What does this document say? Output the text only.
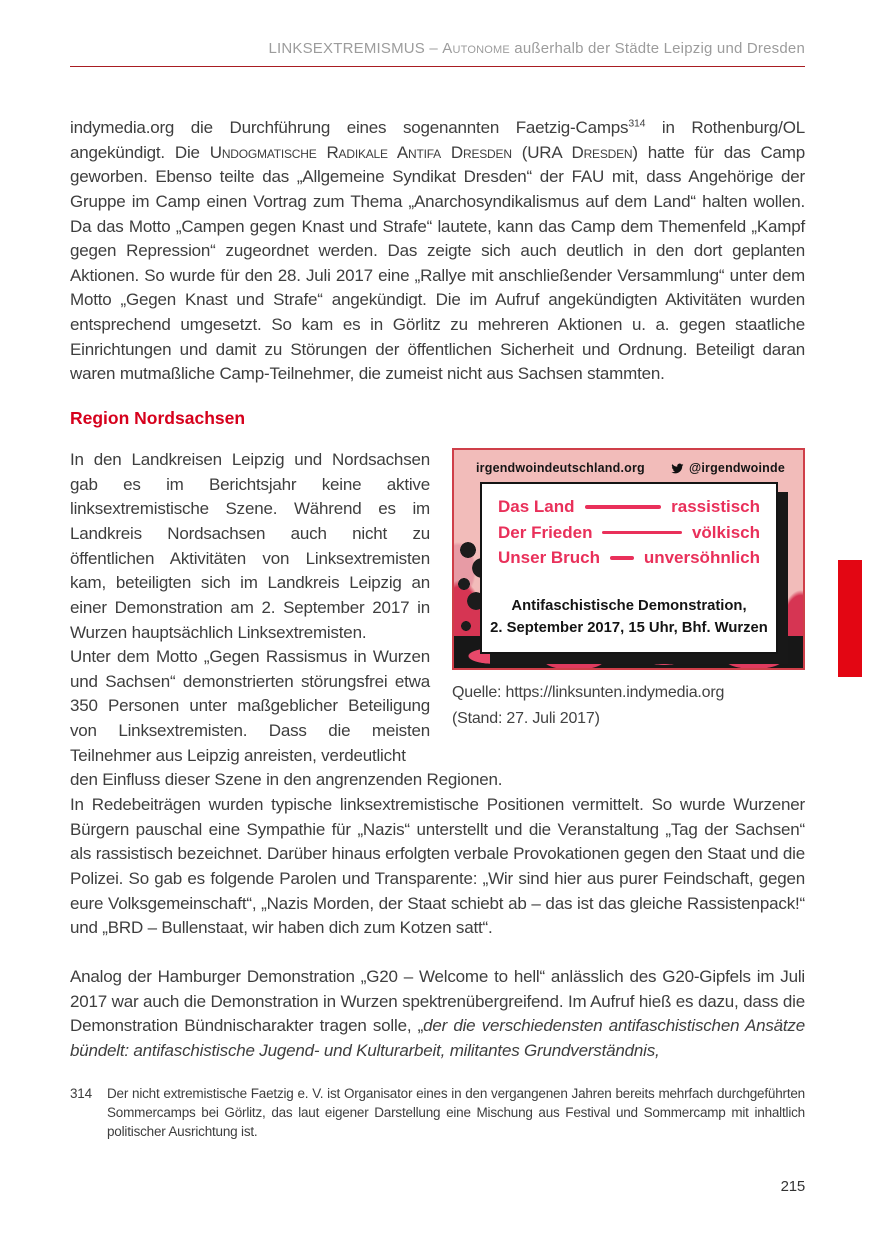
LINKSEXTREMISMUS – Autonome außerhalb der Städte Leipzig und Dresden

indymedia.org die Durchführung eines sogenannten Faetzig-Camps$^{314}$ in Rothenburg/OL angekündigt. Die Undogmatische Radikale Antifa Dresden (URA Dresden) hatte für das Camp geworben. Ebenso teilte das „Allgemeine Syndikat Dresden“ der FAU mit, dass Angehörige der Gruppe im Camp einen Vortrag zum Thema „Anarchosyndikalismus auf dem Land“ halten wollen. Da das Motto „Campen gegen Knast und Strafe“ lautete, kann das Camp dem Themenfeld „Kampf gegen Repression“ zugeordnet werden. Das zeigte sich auch deutlich in den dort geplanten Aktionen. So wurde für den 28. Juli 2017 eine „Rallye mit anschließender Versammlung“ unter dem Motto „Gegen Knast und Strafe“ angekündigt. Die im Aufruf angekündigten Aktivitäten wurden entsprechend umgesetzt. So kam es in Görlitz zu mehreren Aktionen u. a. gegen staatliche Einrichtungen und damit zu Störungen der öffentlichen Sicherheit und Ordnung. Beteiligt daran waren mutmaßliche Camp-Teilnehmer, die zumeist nicht aus Sachsen stammten.

Region Nordsachsen

In den Landkreisen Leipzig und Nordsachsen gab es im Berichtsjahr keine aktive linksextremistische Szene. Während es im Landkreis Nordsachsen auch nicht zu öffentlichen Aktivitäten von Linksextremisten kam, beteiligten sich im Landkreis Leipzig an einer Demonstration am 2. September 2017 in Wurzen hauptsächlich Linksextremisten.

Unter dem Motto „Gegen Rassismus in Wurzen und Sachsen“ demonstrierten störungsfrei etwa 350 Personen unter maßgeblicher Beteiligung von Linksextremisten. Dass die meisten Teilnehmer aus Leipzig anreisten, verdeutlicht

irgendwoindeutschland.org	@irgendwoinde
Das Land	rassistisch
Der Frieden	völkisch
Unser Bruch	unversöhnlich
Antifaschistische Demonstration,
2. September 2017, 15 Uhr, Bhf. Wurzen
Quelle: https://linksunten.indymedia.org
(Stand: 27. Juli 2017)

den Einfluss dieser Szene in den angrenzenden Regionen.

In Redebeiträgen wurden typische linksextremistische Positionen vermittelt. So wurde Wurzener Bürgern pauschal eine Sympathie für „Nazis“ unterstellt und die Veranstaltung „Tag der Sachsen“ als rassistisch bezeichnet. Darüber hinaus erfolgten verbale Provokationen gegen den Staat und die Polizei. So gab es folgende Parolen und Transparente: „Wir sind hier aus purer Feindschaft, gegen eure Volksgemeinschaft“, „Nazis Morden, der Staat schiebt ab – das ist das gleiche Rassistenpack!“ und „BRD – Bullenstaat, wir haben dich zum Kotzen satt“.

Analog der Hamburger Demonstration „G20 – Welcome to hell“ anlässlich des G20-Gipfels im Juli 2017 war auch die Demonstration in Wurzen spektrenübergreifend. Im Aufruf hieß es dazu, dass die Demonstration Bündnischarakter tragen solle, „der die verschiedensten antifaschistischen Ansätze bündelt: antifaschistische Jugend- und Kulturarbeit, militantes Grundverständnis,

314	Der nicht extremistische Faetzig e. V. ist Organisator eines in den vergangenen Jahren bereits mehrfach durchgeführten Sommercamps bei Görlitz, das laut eigener Darstellung eine Mischung aus Festival und Sommercamp mit inhaltlich politischer Ausrichtung ist.
215
